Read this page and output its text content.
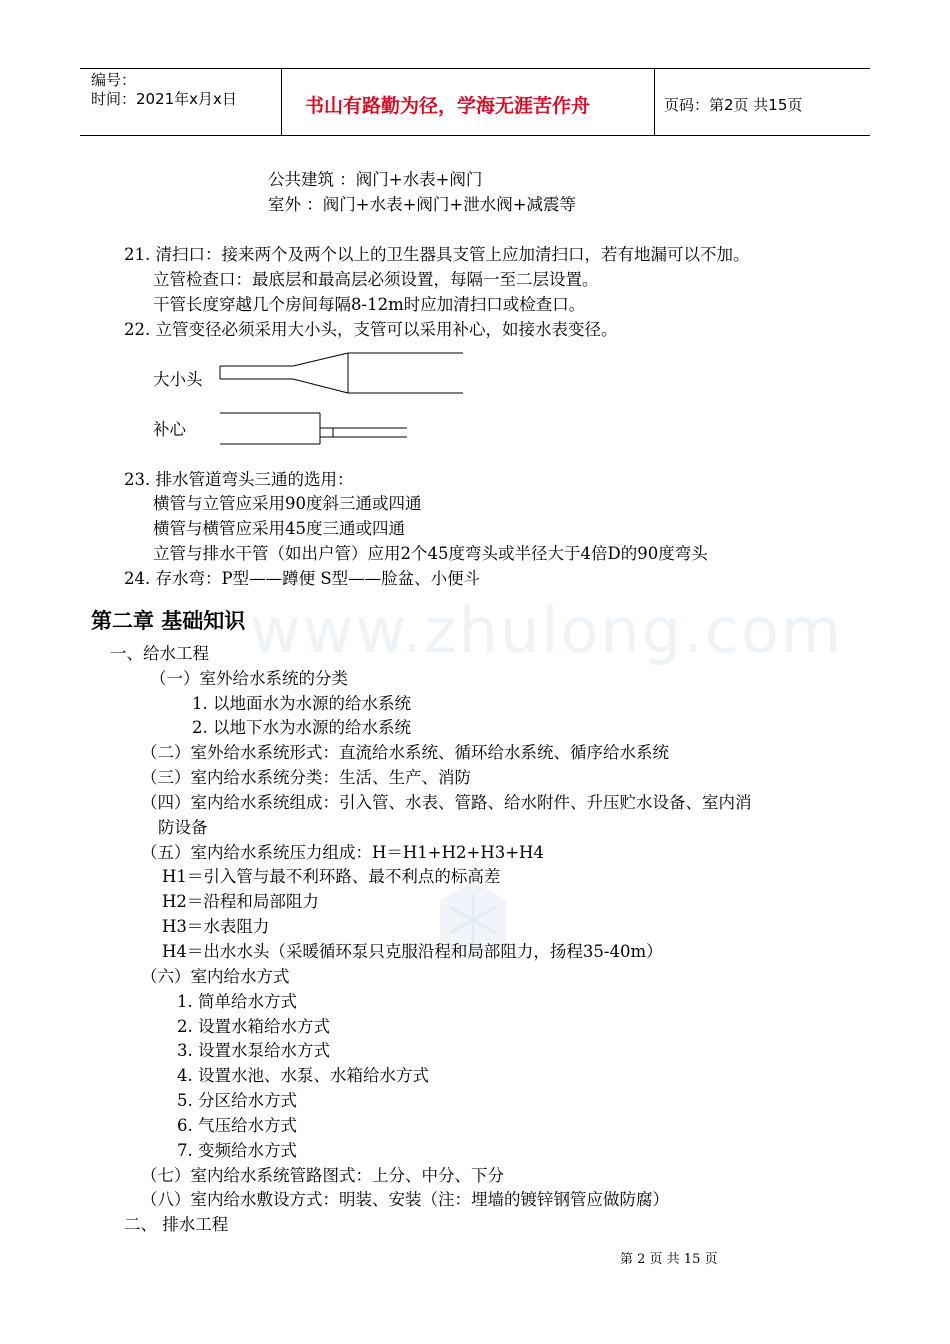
www.zhulong.com
编号：
时间：2021年x月x日	书山有路勤为径，学海无涯苦作舟	页码：第2页 共15页
公共建筑 ：阀门+水表+阀门
室外 ：阀门+水表+阀门+泄水阀+减震等
21. 清扫口：接来两个及两个以上的卫生器具支管上应加清扫口，若有地漏可以不加。
立管检查口：最底层和最高层必须设置，每隔一至二层设置。
干管长度穿越几个房间每隔8-12m时应加清扫口或检查口。
22. 立管变径必须采用大小头，支管可以采用补心，如接水表变径。
大小头
补心
23. 排水管道弯头三通的选用：
横管与立管应采用90度斜三通或四通
横管与横管应采用45度三通或四通
立管与排水干管（如出户管）应用2个45度弯头或半径大于4倍D的90度弯头
24. 存水弯：P型——蹲便 S型——脸盆、小便斗
第二章 基础知识
一、给水工程
（一）室外给水系统的分类
1. 以地面水为水源的给水系统
2. 以地下水为水源的给水系统
（二）室外给水系统形式：直流给水系统、循环给水系统、循序给水系统
（三）室内给水系统分类：生活、生产、消防
（四）室内给水系统组成：引入管、水表、管路、给水附件、升压贮水设备、室内消
防设备
（五）室内给水系统压力组成：H＝H1+H2+H3+H4
H1＝引入管与最不利环路、最不利点的标高差
H2＝沿程和局部阻力
H3＝水表阻力
H4＝出水水头（采暖循环泵只克服沿程和局部阻力，扬程35-40m）
（六）室内给水方式
1. 简单给水方式
2. 设置水箱给水方式
3. 设置水泵给水方式
4. 设置水池、水泵、水箱给水方式
5. 分区给水方式
6. 气压给水方式
7. 变频给水方式
（七）室内给水系统管路图式：上分、中分、下分
（八）室内给水敷设方式：明装、安装（注：埋墙的镀锌钢管应做防腐）
二、 排水工程
第 2 页 共 15 页
